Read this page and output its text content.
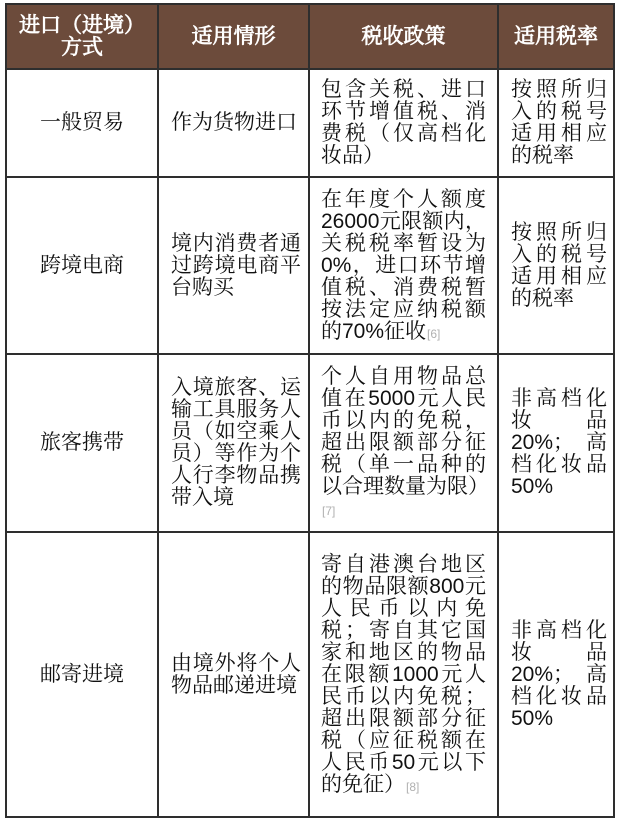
进口（进境）方式	适用情形	税收政策	适用税率
一般贸易	作为货物进口	包含关税、进口环节增值税、消费税（仅高档化妆品）	按照所归入的税号适用相应的税率
跨境电商	境内消费者通过跨境电商平台购买	在年度个人额度26000元限额内，关税税率暂设为0%，进口环节增值税、消费税暂按法定应纳税额的70%征收[6]	按照所归入的税号适用相应的税率
旅客携带	入境旅客、运输工具服务人员（如空乘人员）等作为个人行李物品携带入境	个人自用物品总值在5000元人民币以内的免税，超出限额部分征税（单一品种的以合理数量为限）[7]	非高档化妆品20%；高档化妆品50%
邮寄进境	由境外将个人物品邮递进境	寄自港澳台地区的物品限额800元人民币以内免税；寄自其它国家和地区的物品在限额1000元人民币以内免税；超出限额部分征税（应征税额在人民币50元以下的免征）[8]	非高档化妆品20%；高档化妆品50%
